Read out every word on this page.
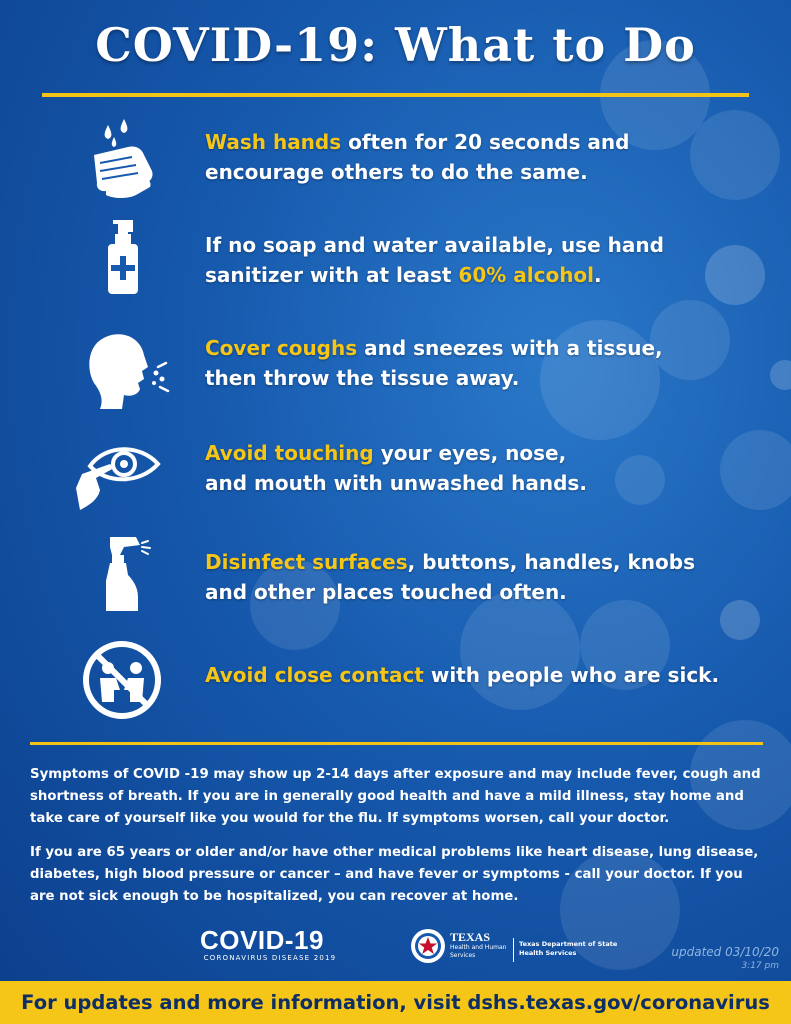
COVID-19: What to Do
Wash hands often for 20 seconds and
encourage others to do the same.
If no soap and water available, use hand
sanitizer with at least 60% alcohol.
Cover coughs and sneezes with a tissue,
then throw the tissue away.
Avoid touching your eyes, nose,
and mouth with unwashed hands.
Disinfect surfaces, buttons, handles, knobs
and other places touched often.
Avoid close contact with people who are sick.
Symptoms of COVID -19 may show up 2-14 days after exposure and may include fever, cough and shortness of breath. If you are in generally good health and have a mild illness, stay home and take care of yourself like you would for the flu. If symptoms worsen, call your doctor.
If you are 65 years or older and/or have other medical problems like heart disease, lung disease, diabetes, high blood pressure or cancer – and have fever or symptoms - call your doctor. If you are not sick enough to be hospitalized, you can recover at home.
COVID-19
CORONAVIRUS DISEASE 2019
TEXAS
Health and Human Services
Texas Department of State Health Services	updated 03/10/20
3:17 pm
For updates and more information, visit dshs.texas.gov/coronavirus
